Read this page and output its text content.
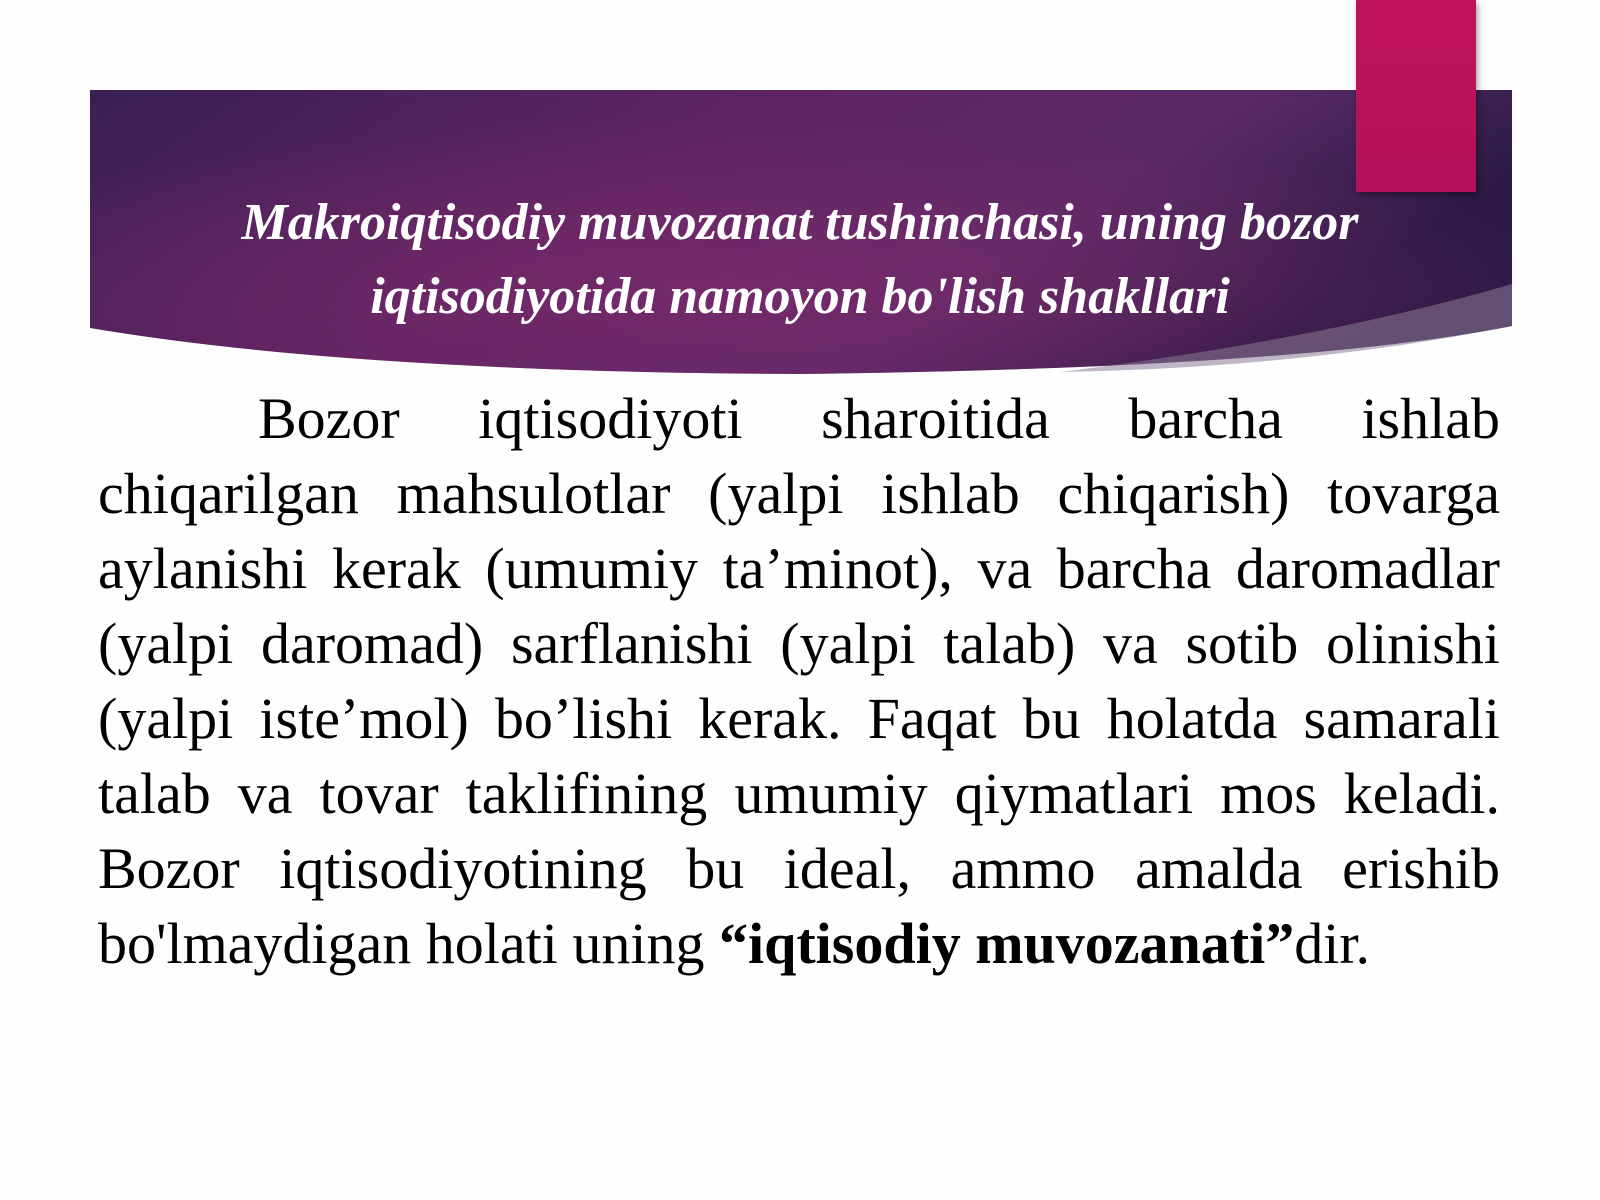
Makroiqtisodiy muvozanat tushinchasi, uning bozor iqtisodiyotida namoyon bo'lish shakllari

Bozor iqtisodiyoti sharoitida barcha ishlab chiqarilgan mahsulotlar (yalpi ishlab chiqarish) tovarga aylanishi kerak (umumiy ta’minot), va barcha daromadlar (yalpi daromad) sarflanishi (yalpi talab) va sotib olinishi (yalpi iste’mol) bo’lishi kerak. Faqat bu holatda samarali talab va tovar taklifining umumiy qiymatlari mos keladi. Bozor iqtisodiyotining bu ideal, ammo amalda erishib bo'lmaydigan holati uning “iqtisodiy muvozanati”dir.
